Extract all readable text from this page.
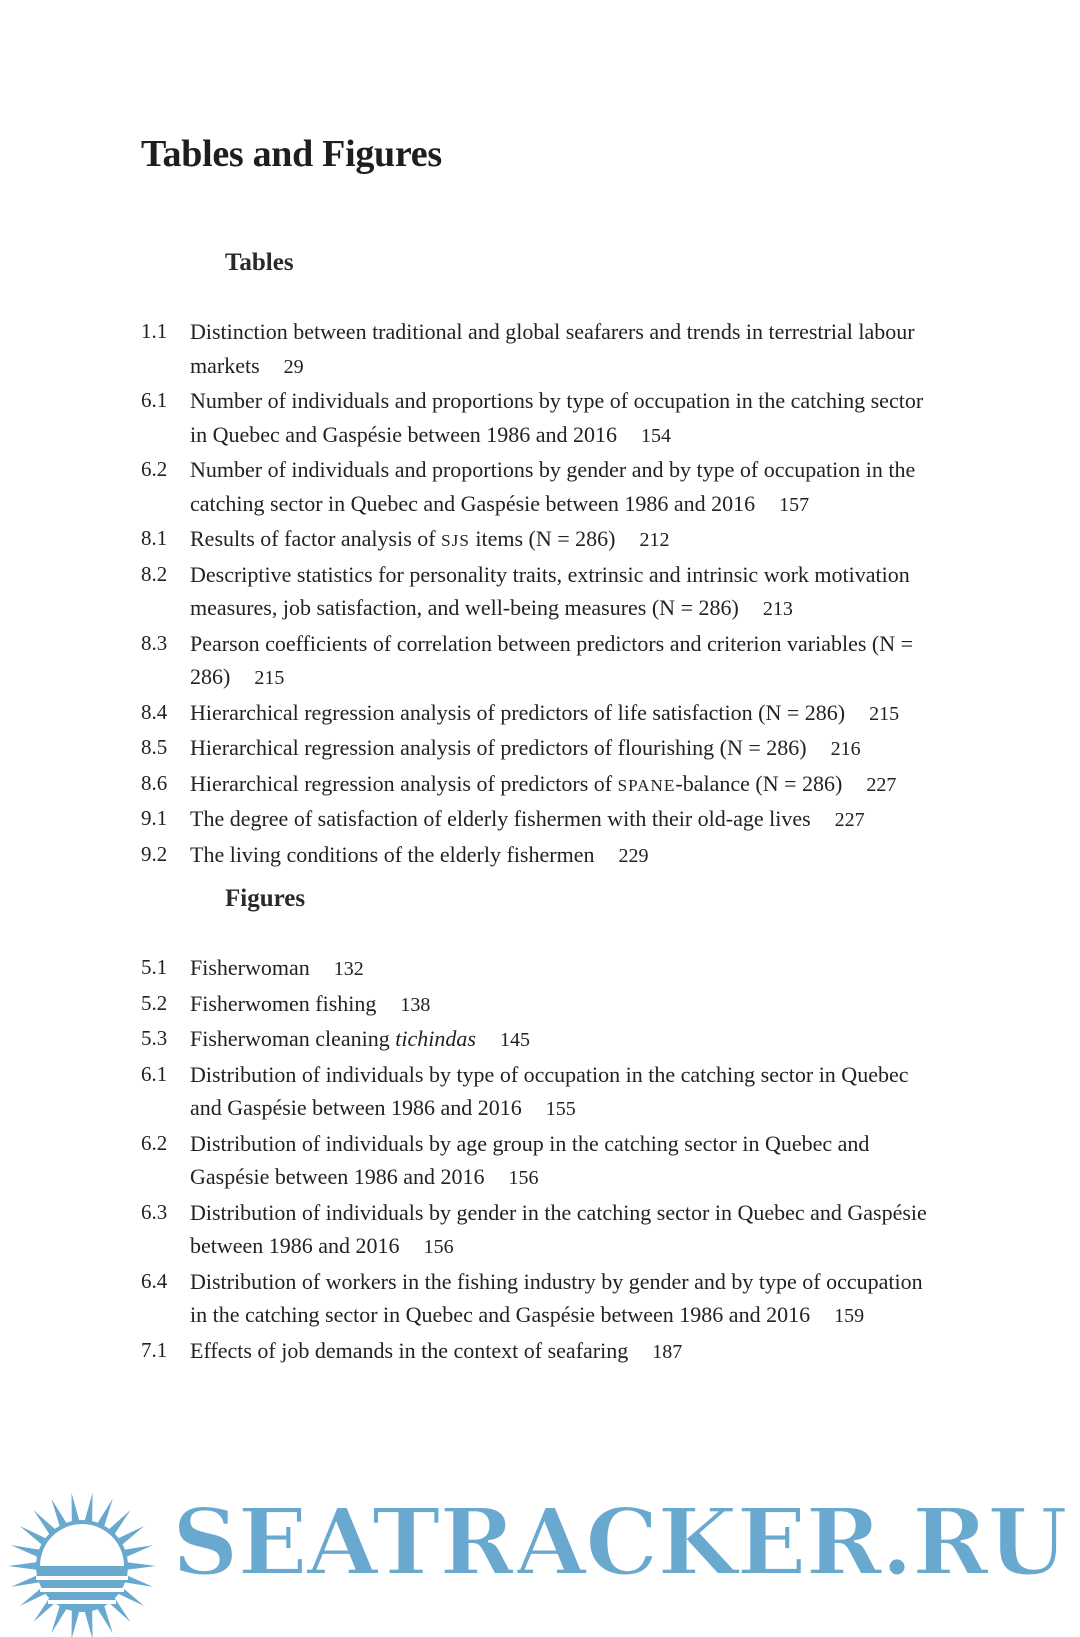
Tables and Figures
Tables
1.1	Distinction between traditional and global seafarers and trends in terrestrial labour markets 29
6.1	Number of individuals and proportions by type of occupation in the catching sector in Quebec and Gaspésie between 1986 and 2016 154
6.2	Number of individuals and proportions by gender and by type of occupation in the catching sector in Quebec and Gaspésie between 1986 and 2016 157
8.1	Results of factor analysis of SJS items (N = 286) 212
8.2	Descriptive statistics for personality traits, extrinsic and intrinsic work motivation measures, job satisfaction, and well-being measures (N = 286) 213
8.3	Pearson coefficients of correlation between predictors and criterion variables (N = 286) 215
8.4	Hierarchical regression analysis of predictors of life satisfaction (N = 286) 215
8.5	Hierarchical regression analysis of predictors of flourishing (N = 286) 216
8.6	Hierarchical regression analysis of predictors of SPANE-balance (N = 286) 227
9.1	The degree of satisfaction of elderly fishermen with their old-age lives 227
9.2	The living conditions of the elderly fishermen 229
Figures
5.1	Fisherwoman 132
5.2	Fisherwomen fishing 138
5.3	Fisherwoman cleaning tichindas 145
6.1	Distribution of individuals by type of occupation in the catching sector in Quebec and Gaspésie between 1986 and 2016 155
6.2	Distribution of individuals by age group in the catching sector in Quebec and Gaspésie between 1986 and 2016 156
6.3	Distribution of individuals by gender in the catching sector in Quebec and Gaspésie between 1986 and 2016 156
6.4	Distribution of workers in the fishing industry by gender and by type of occupation in the catching sector in Quebec and Gaspésie between 1986 and 2016 159
7.1	Effects of job demands in the context of seafaring 187
SEATRACKER.RU
